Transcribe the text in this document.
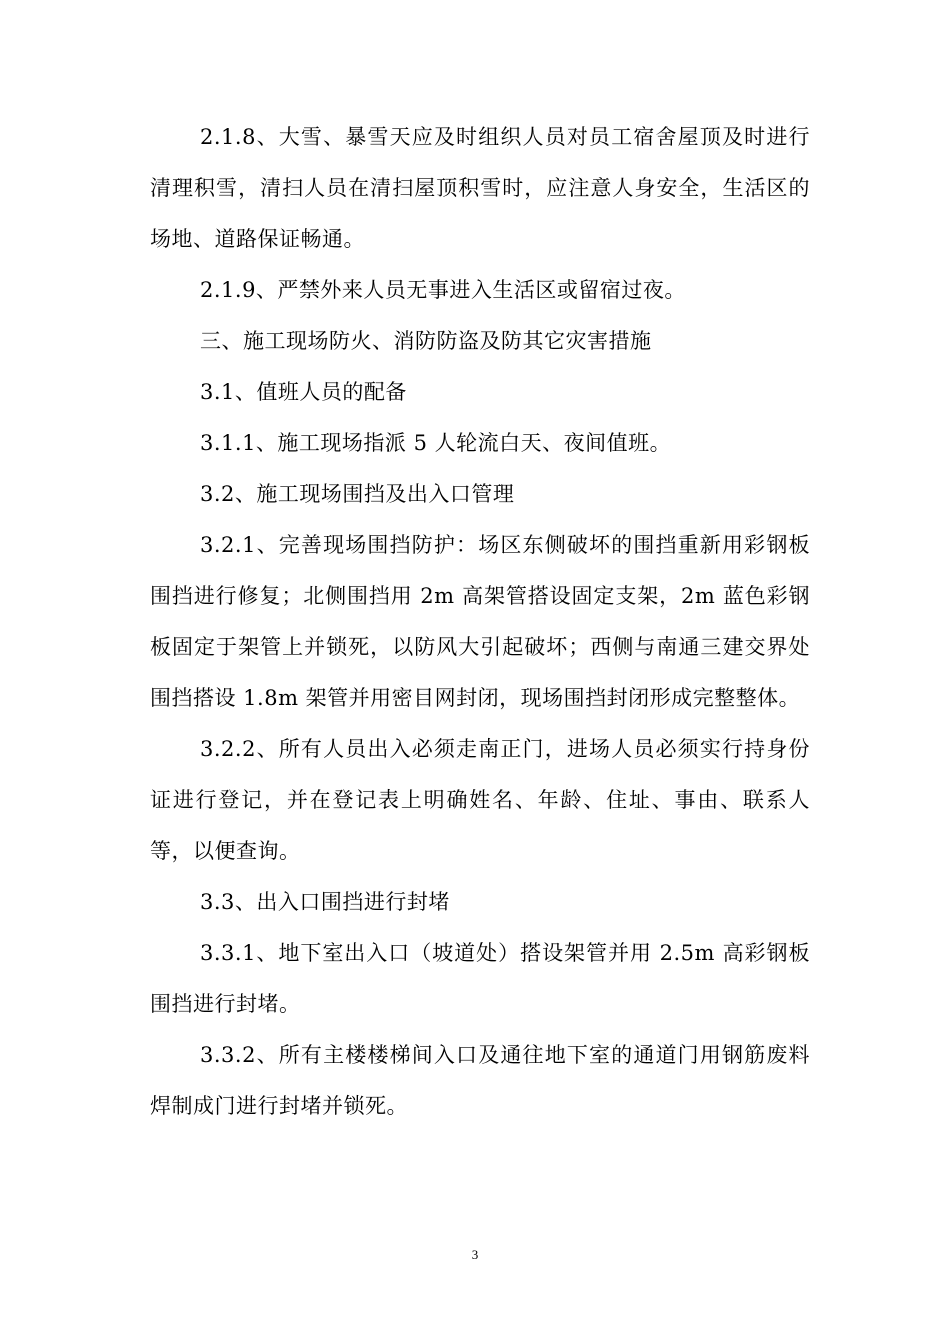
2.1.8、大雪、暴雪天应及时组织人员对员工宿舍屋顶及时进行清理积雪，清扫人员在清扫屋顶积雪时，应注意人身安全，生活区的场地、道路保证畅通。

2.1.9、严禁外来人员无事进入生活区或留宿过夜。

三、施工现场防火、消防防盗及防其它灾害措施

3.1、值班人员的配备

3.1.1、施工现场指派 5 人轮流白天、夜间值班。

3.2、施工现场围挡及出入口管理

3.2.1、完善现场围挡防护：场区东侧破坏的围挡重新用彩钢板围挡进行修复；北侧围挡用 2m 高架管搭设固定支架，2m 蓝色彩钢板固定于架管上并锁死，以防风大引起破坏；西侧与南通三建交界处围挡搭设 1.8m 架管并用密目网封闭，现场围挡封闭形成完整整体。

3.2.2、所有人员出入必须走南正门，进场人员必须实行持身份证进行登记，并在登记表上明确姓名、年龄、住址、事由、联系人等，以便查询。

3.3、出入口围挡进行封堵

3.3.1、地下室出入口（坡道处）搭设架管并用 2.5m 高彩钢板围挡进行封堵。

3.3.2、所有主楼楼梯间入口及通往地下室的通道门用钢筋废料焊制成门进行封堵并锁死。

3
